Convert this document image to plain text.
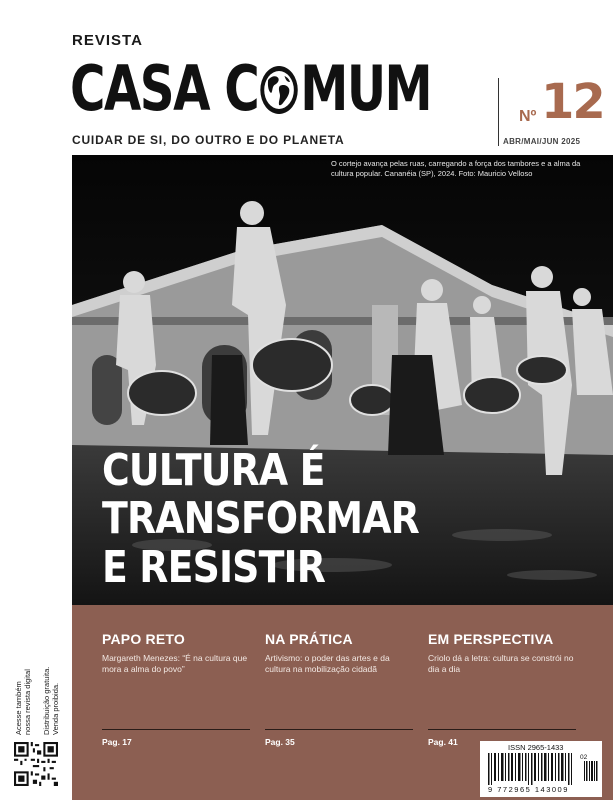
REVISTA
CASA C MUM
CUIDAR DE SI, DO OUTRO E DO PLANETA
Nº 12
ABR/MAI/JUN 2025
O cortejo avança pelas ruas, carregando a força dos tambores e a alma da cultura popular. Cananéia (SP), 2024. Foto: Mauricio Velloso
CULTURA É
TRANSFORMAR
E RESISTIR
PAPO RETO

Margareth Menezes: “É na cultura que mora a alma do povo”

Pag. 17
NA PRÁTICA

Artivismo: o poder das artes e da cultura na mobilização cidadã

Pag. 35
EM PERSPECTIVA

Criolo dá a letra: cultura se constrói no dia a dia

Pag. 41
ISSN 2965-1433
02
9 772965 143009
Acesse também nossa revista digital Distribuição gratuita. Venda proibida.
